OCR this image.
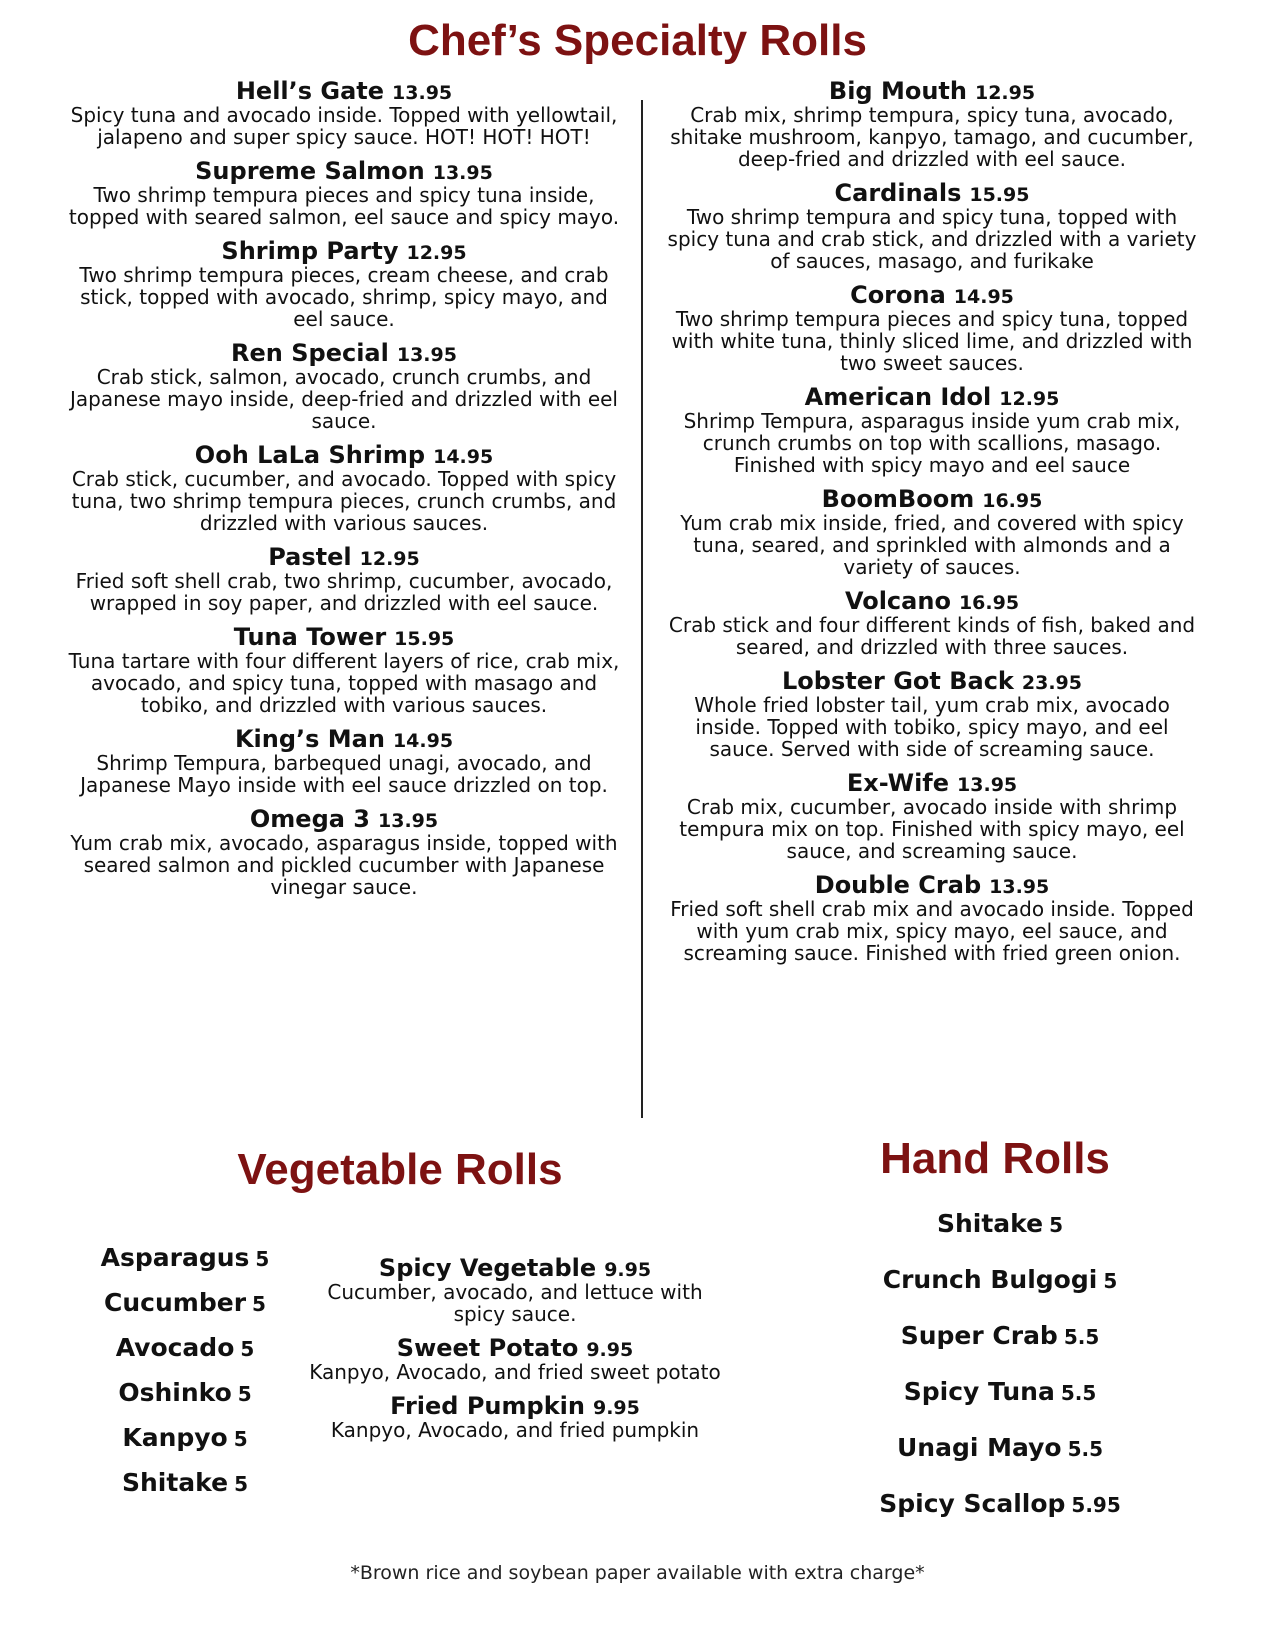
Chef’s Specialty Rolls
Hell’s Gate 13.95
Spicy tuna and avocado inside. Topped with yellowtail, jalapeno and super spicy sauce. HOT! HOT! HOT!
Supreme Salmon 13.95
Two shrimp tempura pieces and spicy tuna inside, topped with seared salmon, eel sauce and spicy mayo.
Shrimp Party 12.95
Two shrimp tempura pieces, cream cheese, and crab stick, topped with avocado, shrimp, spicy mayo, and eel sauce.
Ren Special 13.95
Crab stick, salmon, avocado, crunch crumbs, and Japanese mayo inside, deep-fried and drizzled with eel sauce.
Ooh LaLa Shrimp 14.95
Crab stick, cucumber, and avocado. Topped with spicy tuna, two shrimp tempura pieces, crunch crumbs, and drizzled with various sauces.
Pastel 12.95
Fried soft shell crab, two shrimp, cucumber, avocado, wrapped in soy paper, and drizzled with eel sauce.
Tuna Tower 15.95
Tuna tartare with four different layers of rice, crab mix, avocado, and spicy tuna, topped with masago and tobiko, and drizzled with various sauces.
King’s Man 14.95
Shrimp Tempura, barbequed unagi, avocado, and Japanese Mayo inside with eel sauce drizzled on top.
Omega 3 13.95
Yum crab mix, avocado, asparagus inside, topped with seared salmon and pickled cucumber with Japanese vinegar sauce.
Big Mouth 12.95
Crab mix, shrimp tempura, spicy tuna, avocado, shitake mushroom, kanpyo, tamago, and cucumber, deep-fried and drizzled with eel sauce.
Cardinals 15.95
Two shrimp tempura and spicy tuna, topped with spicy tuna and crab stick, and drizzled with a variety of sauces, masago, and furikake
Corona 14.95
Two shrimp tempura pieces and spicy tuna, topped with white tuna, thinly sliced lime, and drizzled with two sweet sauces.
American Idol 12.95
Shrimp Tempura, asparagus inside yum crab mix, crunch crumbs on top with scallions, masago. Finished with spicy mayo and eel sauce
BoomBoom 16.95
Yum crab mix inside, fried, and covered with spicy tuna, seared, and sprinkled with almonds and a variety of sauces.
Volcano 16.95
Crab stick and four different kinds of fish, baked and seared, and drizzled with three sauces.
Lobster Got Back 23.95
Whole fried lobster tail, yum crab mix, avocado inside. Topped with tobiko, spicy mayo, and eel sauce. Served with side of screaming sauce.
Ex-Wife 13.95
Crab mix, cucumber, avocado inside with shrimp tempura mix on top. Finished with spicy mayo, eel sauce, and screaming sauce.
Double Crab 13.95
Fried soft shell crab mix and avocado inside. Topped with yum crab mix, spicy mayo, eel sauce, and screaming sauce. Finished with fried green onion.
Vegetable Rolls	Hand Rolls
Asparagus 5
Cucumber 5
Avocado 5
Oshinko 5
Kanpyo 5
Shitake 5
Spicy Vegetable 9.95
Cucumber, avocado, and lettuce with spicy sauce.
Sweet Potato 9.95
Kanpyo, Avocado, and fried sweet potato
Fried Pumpkin 9.95
Kanpyo, Avocado, and fried pumpkin
Shitake 5
Crunch Bulgogi 5
Super Crab 5.5
Spicy Tuna 5.5
Unagi Mayo 5.5
Spicy Scallop 5.95
*Brown rice and soybean paper available with extra charge*
